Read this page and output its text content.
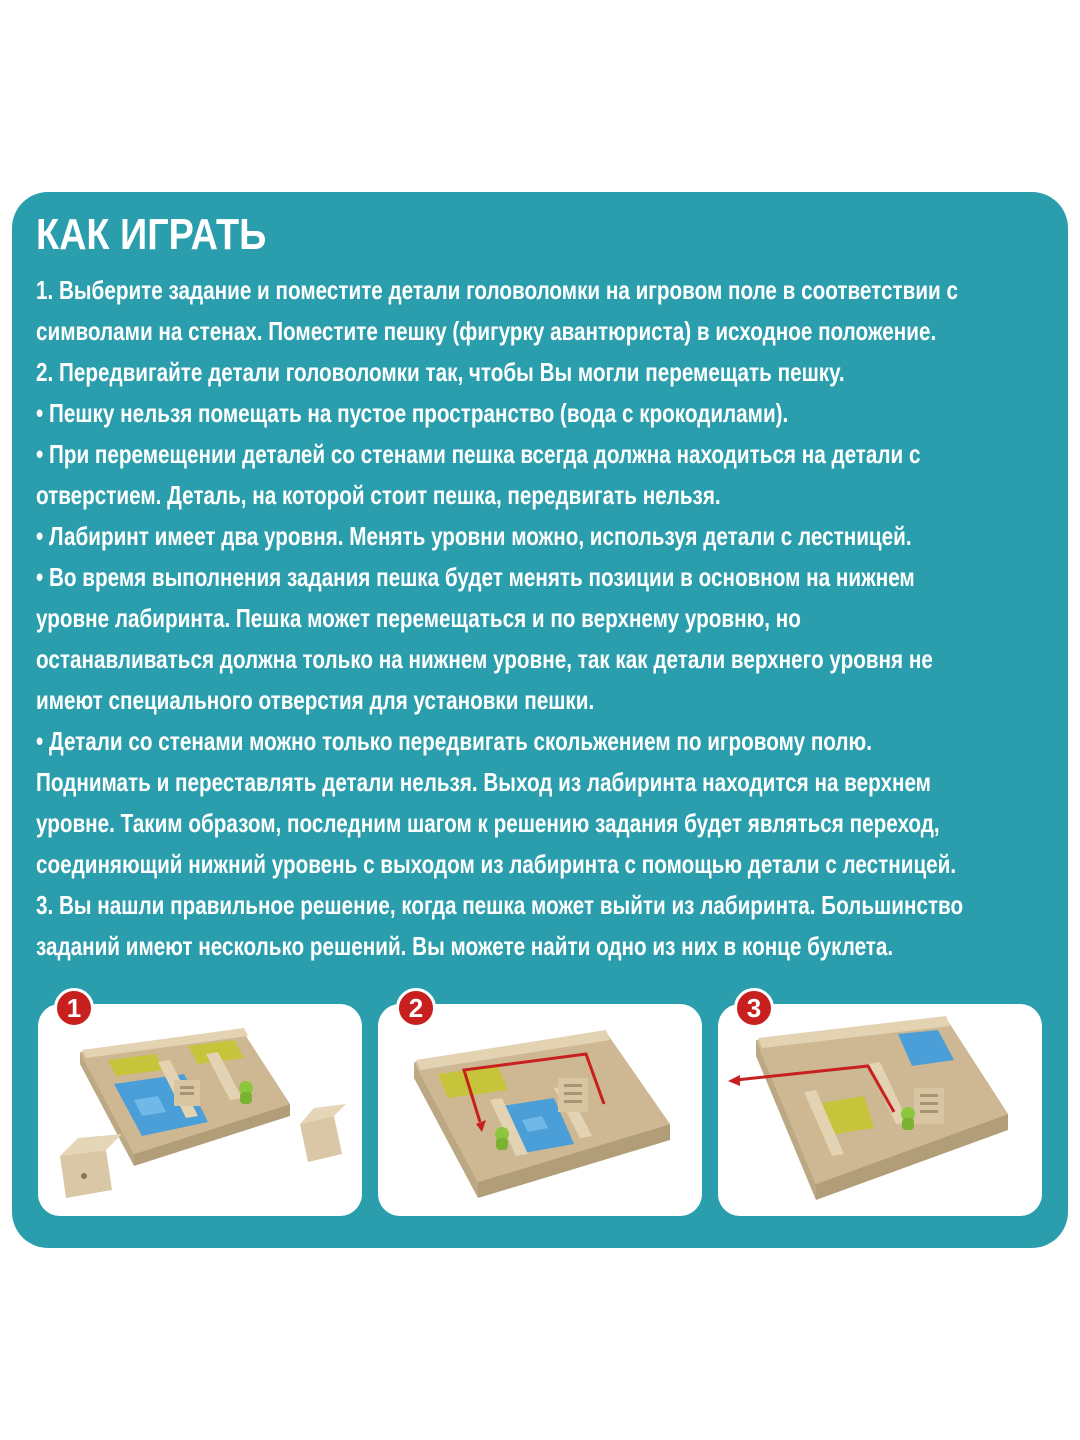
КАК ИГРАТЬ
1. Выберите задание и поместите детали головоломки на игровом поле в соответствии с
символами на стенах. Поместите пешку (фигурку авантюриста) в исходное положение.
2. Передвигайте детали головоломки так, чтобы Вы могли перемещать пешку.
• Пешку нельзя помещать на пустое пространство (вода с крокодилами).
• При перемещении деталей со стенами пешка всегда должна находиться на детали с
отверстием. Деталь, на которой стоит пешка, передвигать нельзя.
• Лабиринт имеет два уровня. Менять уровни можно, используя детали с лестницей.
• Во время выполнения задания пешка будет менять позиции в основном на нижнем
уровне лабиринта. Пешка может перемещаться и по верхнему уровню, но
останавливаться должна только на нижнем уровне, так как детали верхнего уровня не
имеют специального отверстия для установки пешки.
• Детали со стенами можно только передвигать скольжением по игровому полю.
Поднимать и переставлять детали нельзя. Выход из лабиринта находится на верхнем
уровне. Таким образом, последним шагом к решению задания будет являться переход,
соединяющий нижний уровень с выходом из лабиринта с помощью детали с лестницей.
3. Вы нашли правильное решение, когда пешка может выйти из лабиринта. Большинство
заданий имеют несколько решений. Вы можете найти одно из них в конце буклета.
1	2	3
